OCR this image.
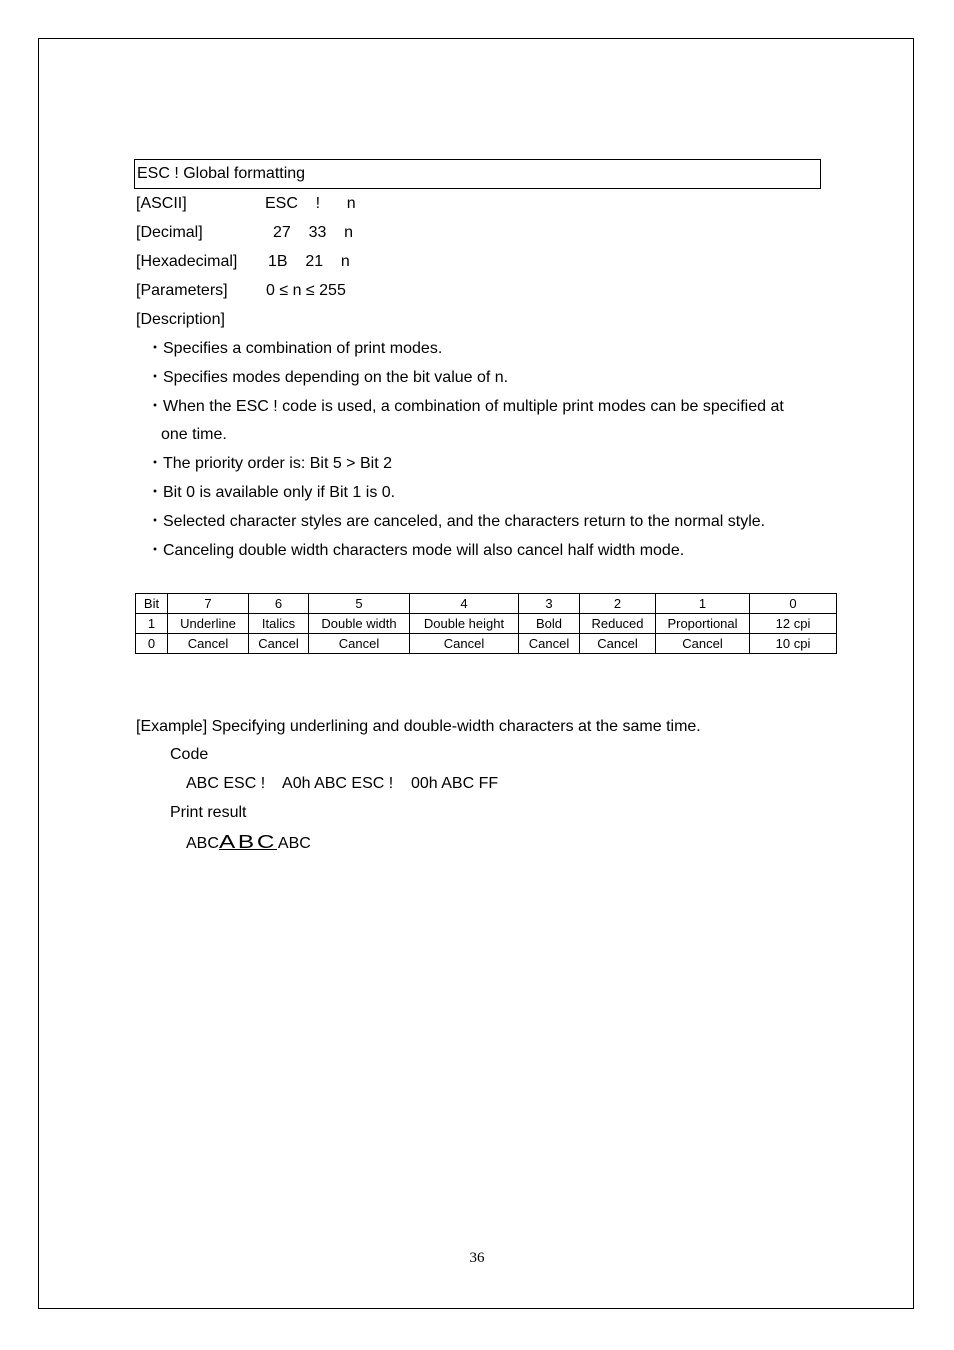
ESC ! Global formatting
[ASCII]	ESC    !      n
[Decimal]	27    33    n
[Hexadecimal] 1B    21    n
[Parameters] 0 ≤ n ≤ 255
[Description]
・Specifies a combination of print modes.
・Specifies modes depending on the bit value of n.
・When the ESC ! code is used, a combination of multiple print modes can be specified at
one time.
・The priority order is: Bit 5 > Bit 2
・Bit 0 is available only if Bit 1 is 0.
・Selected character styles are canceled, and the characters return to the normal style.
・Canceling double width characters mode will also cancel half width mode.
Bit	7	6	5	4	3	2	1	0
1	Underline	Italics	Double width	Double height	Bold	Reduced	Proportional	12 cpi
0	Cancel	Cancel	Cancel	Cancel	Cancel	Cancel	Cancel	10 cpi
[Example] Specifying underlining and double-width characters at the same time.
Code
ABC ESC !    A0h ABC ESC !    00h ABC FF
Print result
ABCABCABC
36
